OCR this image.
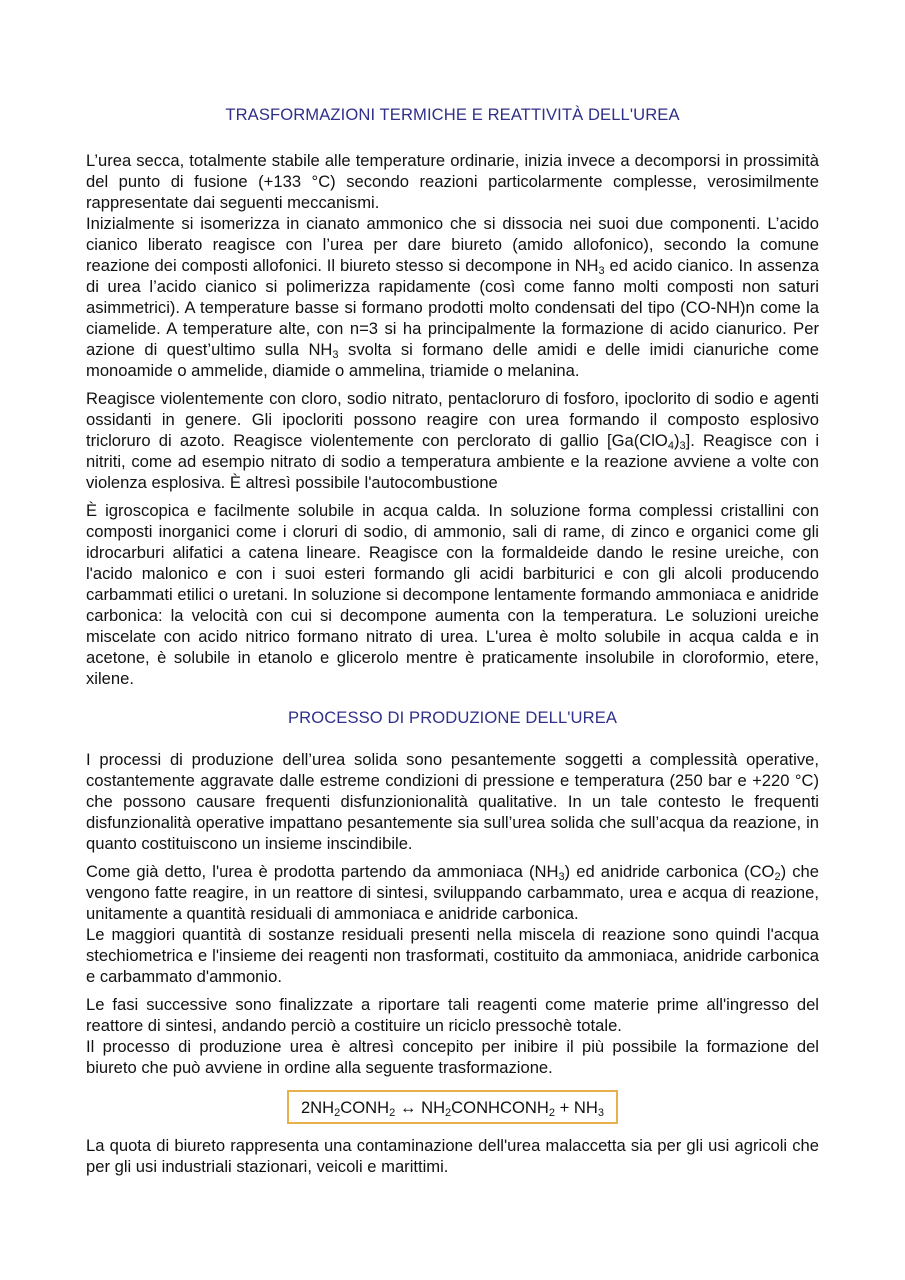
TRASFORMAZIONI TERMICHE E REATTIVITÀ DELL'UREA

L’urea secca, totalmente stabile alle temperature ordinarie, inizia invece a decomporsi in prossimità del punto di fusione (+133 °C) secondo reazioni particolarmente complesse, verosimilmente rappresentate dai seguenti meccanismi.

Inizialmente si isomerizza in cianato ammonico che si dissocia nei suoi due componenti. L’acido cianico liberato reagisce con l’urea per dare biureto (amido allofonico), secondo la comune reazione dei composti allofonici. Il biureto stesso si decompone in $NH_3$ ed acido cianico. In assenza di urea l’acido cianico si polimerizza rapidamente (così come fanno molti composti non saturi asimmetrici). A temperature basse si formano prodotti molto condensati del tipo (CO-NH)n come la ciamelide. A temperature alte, con n=3 si ha principalmente la formazione di acido cianurico. Per azione di quest’ultimo sulla $NH_3$ svolta si formano delle amidi e delle imidi cianuriche come monoamide o ammelide, diamide o ammelina, triamide o melanina.

Reagisce violentemente con cloro, sodio nitrato, pentacloruro di fosforo, ipoclorito di sodio e agenti ossidanti in genere. Gli ipocloriti possono reagire con urea formando il composto esplosivo tricloruro di azoto. Reagisce violentemente con perclorato di gallio $[Ga(ClO_4)_3]$. Reagisce con i nitriti, come ad esempio nitrato di sodio a temperatura ambiente e la reazione avviene a volte con violenza esplosiva. È altresì possibile l'autocombustione

È igroscopica e facilmente solubile in acqua calda. In soluzione forma complessi cristallini con composti inorganici come i cloruri di sodio, di ammonio, sali di rame, di zinco e organici come gli idrocarburi alifatici a catena lineare. Reagisce con la formaldeide dando le resine ureiche, con l'acido malonico e con i suoi esteri formando gli acidi barbiturici e con gli alcoli producendo carbammati etilici o uretani. In soluzione si decompone lentamente formando ammoniaca e anidride carbonica: la velocità con cui si decompone aumenta con la temperatura. Le soluzioni ureiche miscelate con acido nitrico formano nitrato di urea. L'urea è molto solubile in acqua calda e in acetone, è solubile in etanolo e glicerolo mentre è praticamente insolubile in cloroformio, etere, xilene.

PROCESSO DI PRODUZIONE DELL'UREA

I processi di produzione dell’urea solida sono pesantemente soggetti a complessità operative, costantemente aggravate dalle estreme condizioni di pressione e temperatura (250 bar e +220 °C) che possono causare frequenti disfunzionionalità qualitative. In un tale contesto le frequenti disfunzionalità operative impattano pesantemente sia sull’urea solida che sull’acqua da reazione, in quanto costituiscono un insieme inscindibile.

Come già detto, l'urea è prodotta partendo da ammoniaca $(NH_3)$ ed anidride carbonica $(CO_2)$ che vengono fatte reagire, in un reattore di sintesi, sviluppando carbammato, urea e acqua di reazione, unitamente a quantità residuali di ammoniaca e anidride carbonica.

Le maggiori quantità di sostanze residuali presenti nella miscela di reazione sono quindi l'acqua stechiometrica e l'insieme dei reagenti non trasformati, costituito da ammoniaca, anidride carbonica e carbammato d'ammonio.

Le fasi successive sono finalizzate a riportare tali reagenti come materie prime all'ingresso del reattore di sintesi, andando perciò a costituire un riciclo pressochè totale.

Il processo di produzione urea è altresì concepito per inibire il più possibile la formazione del biureto che può avviene in ordine alla seguente trasformazione.

$2NH_2CONH_2$ ↔ $NH_2CONHCONH_2 + NH_3$

La quota di biureto rappresenta una contaminazione dell'urea malaccetta sia per gli usi agricoli che per gli usi industriali stazionari, veicoli e marittimi.
